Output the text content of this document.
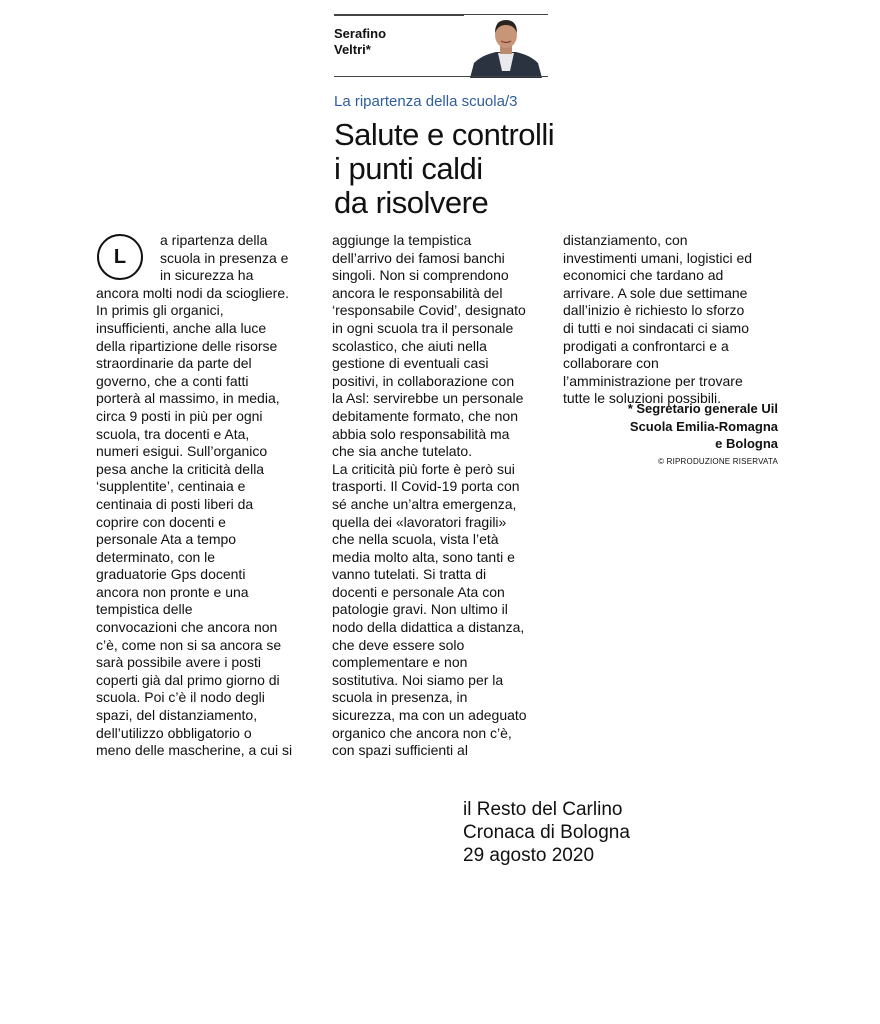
Serafino
Veltri*
La ripartenza della scuola/3
Salute e controlli
i punti caldi
da risolvere
L
a ripartenza della
scuola in presenza e
in sicurezza ha
ancora molti nodi da sciogliere.
In primis gli organici,
insufficienti, anche alla luce
della ripartizione delle risorse
straordinarie da parte del
governo, che a conti fatti
porterà al massimo, in media,
circa 9 posti in più per ogni
scuola, tra docenti e Ata,
numeri esigui. Sull’organico
pesa anche la criticità della
‘supplentite’, centinaia e
centinaia di posti liberi da
coprire con docenti e
personale Ata a tempo
determinato, con le
graduatorie Gps docenti
ancora non pronte e una
tempistica delle
convocazioni che ancora non
c’è, come non si sa ancora se
sarà possibile avere i posti
coperti già dal primo giorno di
scuola. Poi c’è il nodo degli
spazi, del distanziamento,
dell’utilizzo obbligatorio o
meno delle mascherine, a cui si
aggiunge la tempistica
dell’arrivo dei famosi banchi
singoli. Non si comprendono
ancora le responsabilità del
‘responsabile Covid’, designato
in ogni scuola tra il personale
scolastico, che aiuti nella
gestione di eventuali casi
positivi, in collaborazione con
la Asl: servirebbe un personale
debitamente formato, che non
abbia solo responsabilità ma
che sia anche tutelato.
La criticità più forte è però sui
trasporti. Il Covid-19 porta con
sé anche un’altra emergenza,
quella dei «lavoratori fragili»
che nella scuola, vista l’età
media molto alta, sono tanti e
vanno tutelati. Si tratta di
docenti e personale Ata con
patologie gravi. Non ultimo il
nodo della didattica a distanza,
che deve essere solo
complementare e non
sostitutiva. Noi siamo per la
scuola in presenza, in
sicurezza, ma con un adeguato
organico che ancora non c’è,
con spazi sufficienti al
distanziamento, con
investimenti umani, logistici ed
economici che tardano ad
arrivare. A sole due settimane
dall’inizio è richiesto lo sforzo
di tutti e noi sindacati ci siamo
prodigati a confrontarci e a
collaborare con
l’amministrazione per trovare
tutte le soluzioni possibili.
* Segretario generale Uil
Scuola Emilia-Romagna
e Bologna
© RIPRODUZIONE RISERVATA
il Resto del Carlino
Cronaca di Bologna
29 agosto 2020
